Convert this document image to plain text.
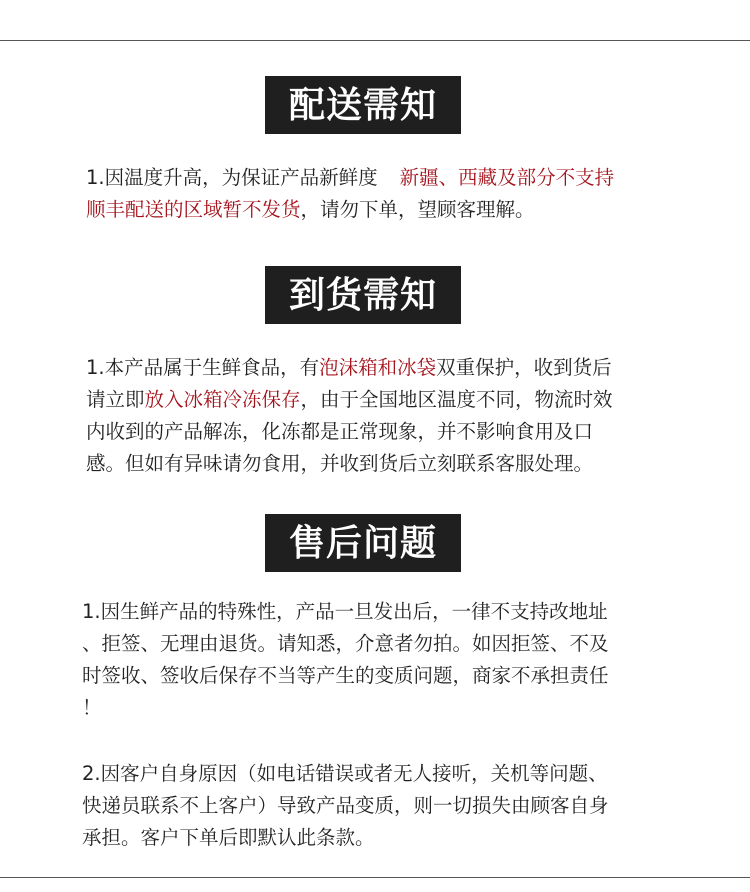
配送需知
1.因温度升高，为保证产品新鲜度 新疆、西藏及部分不支持
顺丰配送的区域暂不发货，请勿下单，望顾客理解。
到货需知
1.本产品属于生鲜食品，有泡沫箱和冰袋双重保护，收到货后
请立即放入冰箱冷冻保存，由于全国地区温度不同，物流时效
内收到的产品解冻，化冻都是正常现象，并不影响食用及口
感。但如有异味请勿食用，并收到货后立刻联系客服处理。
售后问题
1.因生鲜产品的特殊性，产品一旦发出后，一律不支持改地址
、拒签、无理由退货。请知悉，介意者勿拍。如因拒签、不及
时签收、签收后保存不当等产生的变质问题，商家不承担责任
！
2.因客户自身原因（如电话错误或者无人接听，关机等问题、
快递员联系不上客户）导致产品变质，则一切损失由顾客自身
承担。客户下单后即默认此条款。
